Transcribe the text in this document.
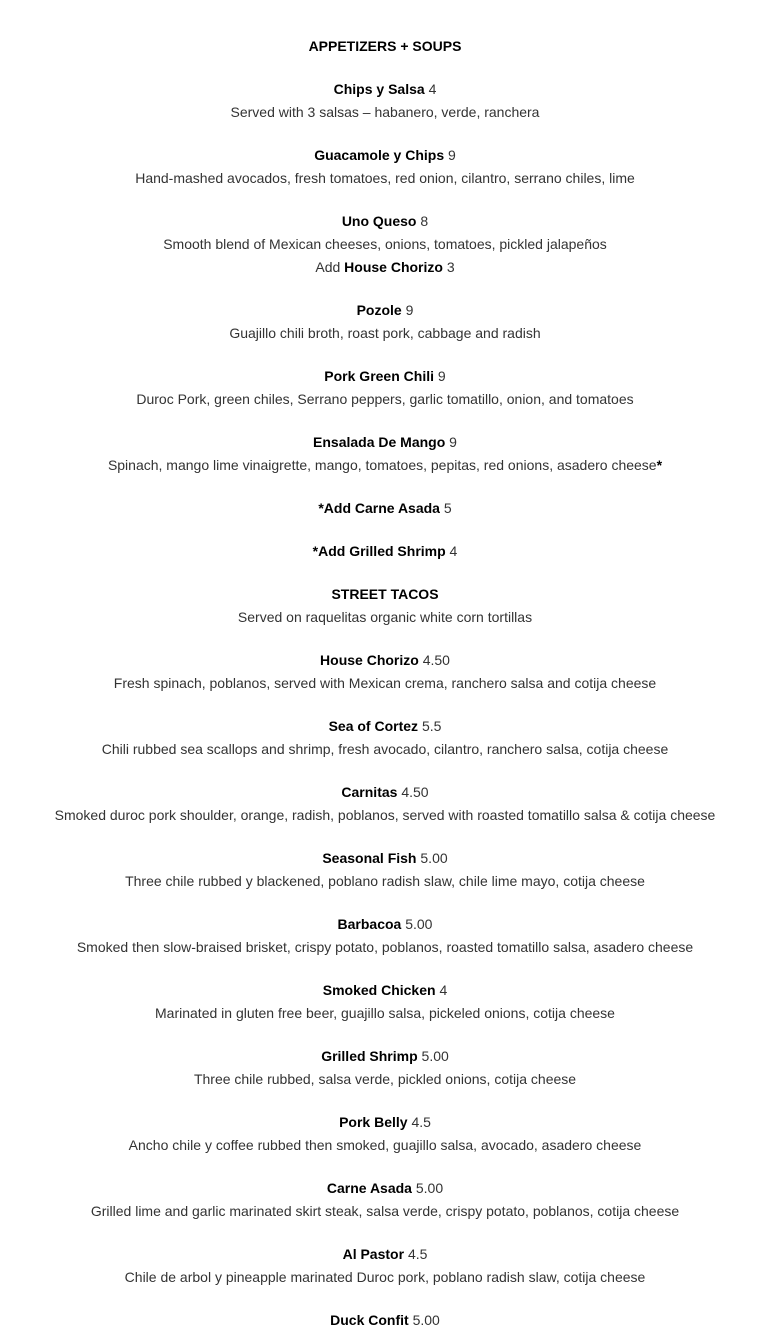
APPETIZERS + SOUPS
Chips y Salsa 4
Served with 3 salsas – habanero, verde, ranchera
Guacamole y Chips 9
Hand-mashed avocados, fresh tomatoes, red onion, cilantro, serrano chiles, lime
Uno Queso 8
Smooth blend of Mexican cheeses, onions, tomatoes, pickled jalapeños
Add House Chorizo 3
Pozole 9
Guajillo chili broth, roast pork, cabbage and radish
Pork Green Chili 9
Duroc Pork, green chiles, Serrano peppers, garlic tomatillo, onion, and tomatoes
Ensalada De Mango 9
Spinach, mango lime vinaigrette, mango, tomatoes, pepitas, red onions, asadero cheese*
*Add Carne Asada 5
*Add Grilled Shrimp 4
STREET TACOS
Served on raquelitas organic white corn tortillas
House Chorizo 4.50
Fresh spinach, poblanos, served with Mexican crema, ranchero salsa and cotija cheese
Sea of Cortez 5.5
Chili rubbed sea scallops and shrimp, fresh avocado, cilantro, ranchero salsa, cotija cheese
Carnitas 4.50
Smoked duroc pork shoulder, orange, radish, poblanos, served with roasted tomatillo salsa & cotija cheese
Seasonal Fish 5.00
Three chile rubbed y blackened, poblano radish slaw, chile lime mayo, cotija cheese
Barbacoa 5.00
Smoked then slow-braised brisket, crispy potato, poblanos, roasted tomatillo salsa, asadero cheese
Smoked Chicken 4
Marinated in gluten free beer, guajillo salsa, pickeled onions, cotija cheese
Grilled Shrimp 5.00
Three chile rubbed, salsa verde, pickled onions, cotija cheese
Pork Belly 4.5
Ancho chile y coffee rubbed then smoked, guajillo salsa, avocado, asadero cheese
Carne Asada 5.00
Grilled lime and garlic marinated skirt steak, salsa verde, crispy potato, poblanos, cotija cheese
Al Pastor 4.5
Chile de arbol y pineapple marinated Duroc pork, poblano radish slaw, cotija cheese
Duck Confit 5.00
